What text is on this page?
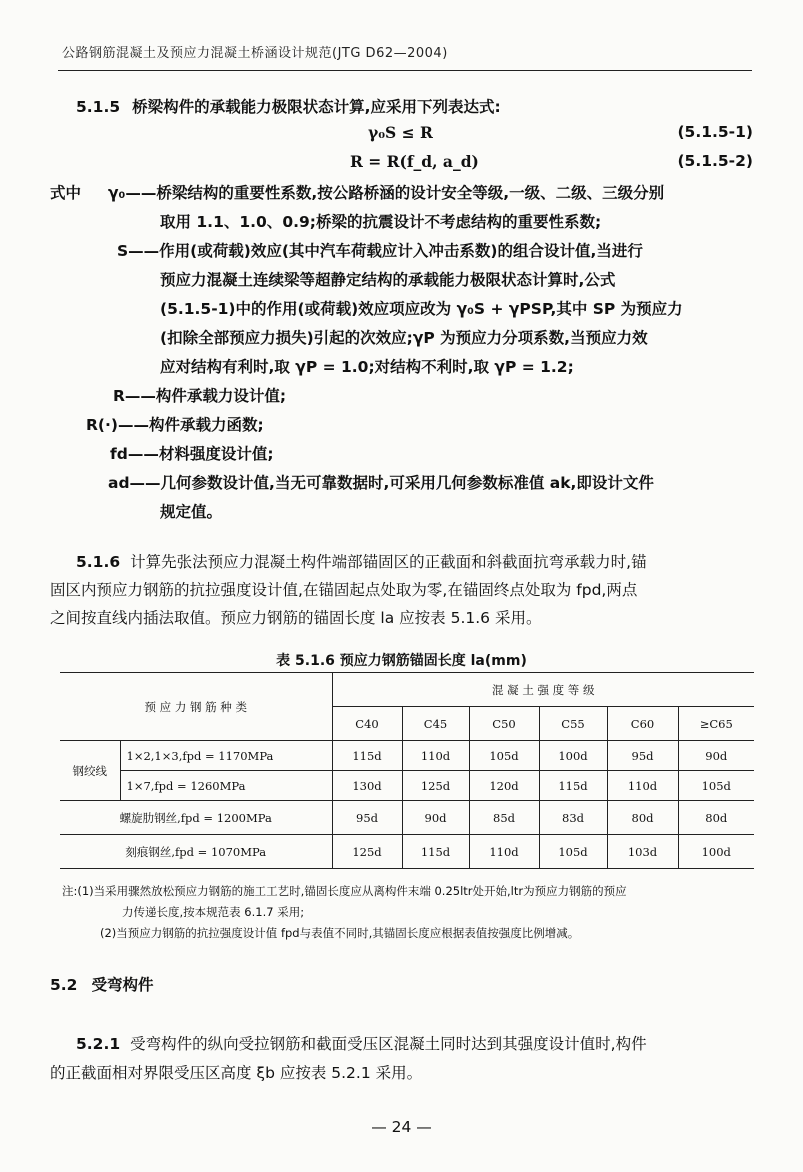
公路钢筋混凝土及预应力混凝土桥涵设计规范(JTG D62—2004)
5.1.5 桥梁构件的承载能力极限状态计算,应采用下列表达式:
γ₀S ≤ R	(5.1.5-1)
R = R(f_d, a_d)	(5.1.5-2)
式中 γ₀——桥梁结构的重要性系数,按公路桥涵的设计安全等级,一级、二级、三级分别
取用 1.1、1.0、0.9;桥梁的抗震设计不考虑结构的重要性系数;
S——作用(或荷载)效应(其中汽车荷载应计入冲击系数)的组合设计值,当进行
预应力混凝土连续梁等超静定结构的承载能力极限状态计算时,公式
(5.1.5-1)中的作用(或荷载)效应项应改为 γ₀S + γPSP,其中 SP 为预应力
(扣除全部预应力损失)引起的次效应;γP 为预应力分项系数,当预应力效
应对结构有利时,取 γP = 1.0;对结构不利时,取 γP = 1.2;
R——构件承载力设计值;
R(·)——构件承载力函数;
fd——材料强度设计值;
ad——几何参数设计值,当无可靠数据时,可采用几何参数标准值 ak,即设计文件
规定值。
5.1.6 计算先张法预应力混凝土构件端部锚固区的正截面和斜截面抗弯承载力时,锚
固区内预应力钢筋的抗拉强度设计值,在锚固起点处取为零,在锚固终点处取为 fpd,两点
之间按直线内插法取值。预应力钢筋的锚固长度 la 应按表 5.1.6 采用。
表 5.1.6 预应力钢筋锚固长度 la(mm)
预 应 力 钢 筋 种 类		混 凝 土 强 度 等 级					
		C40	C45	C50	C55	C60	≥C65
钢绞线	1×2,1×3,fpd = 1170MPa	115d	110d	105d	100d	95d	90d
	1×7,fpd = 1260MPa	130d	125d	120d	115d	110d	105d
螺旋肋钢丝,fpd = 1200MPa		95d	90d	85d	83d	80d	80d
刻痕钢丝,fpd = 1070MPa		125d	115d	110d	105d	103d	100d
注:(1)当采用骤然放松预应力钢筋的施工工艺时,锚固长度应从离构件末端 0.25ltr处开始,ltr为预应力钢筋的预应
力传递长度,按本规范表 6.1.7 采用;
(2)当预应力钢筋的抗拉强度设计值 fpd与表值不同时,其锚固长度应根据表值按强度比例增减。
5.2 受弯构件
5.2.1 受弯构件的纵向受拉钢筋和截面受压区混凝土同时达到其强度设计值时,构件
的正截面相对界限受压区高度 ξb 应按表 5.2.1 采用。
— 24 —
